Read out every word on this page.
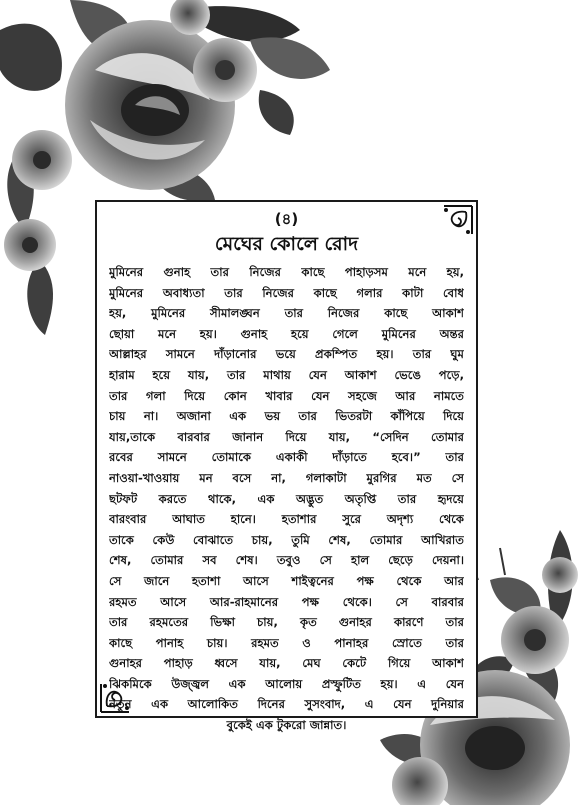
(৪)
মেঘের কোলে রোদ

মুমিনের গুনাহ তার নিজের কাছে পাহাড়সম মনে হয়,
মুমিনের অবাধ্যতা তার নিজের কাছে গলার কাটা বোধ
হয়, মুমিনের সীমালঙ্ঘন তার নিজের কাছে আকাশ
ছোয়া মনে হয়। গুনাহ হয়ে গেলে মুমিনের অন্তর
আল্লাহর সামনে দাঁড়ানোর ভয়ে প্রকম্পিত হয়। তার ঘুম
হারাম হয়ে যায়, তার মাথায় যেন আকাশ ভেঙে পড়ে,
তার গলা দিয়ে কোন খাবার যেন সহজে আর নামতে
চায় না। অজানা এক ভয় তার ভিতরটা কাঁপিয়ে দিয়ে
যায়,তাকে বারবার জানান দিয়ে যায়, “সেদিন তোমার
রবের সামনে তোমাকে একাকী দাঁড়াতে হবে।” তার
নাওয়া-খাওয়ায় মন বসে না, গলাকাটা মুরগির মত সে
ছটফট করতে থাকে, এক অদ্ভুত অতৃপ্তি তার হৃদয়ে
বারংবার আঘাত হানে। হতাশার সুরে অদৃশ্য থেকে
তাকে কেউ বোঝাতে চায়, তুমি শেষ, তোমার আখিরাত
শেষ, তোমার সব শেষ। তবুও সে হাল ছেড়ে দেয়না।
সে জানে হতাশা আসে শাইত্বনের পক্ষ থেকে আর
রহমত আসে আর-রাহমানের পক্ষ থেকে। সে বারবার
তার রহমতের ভিক্ষা চায়, কৃত গুনাহর কারণে তার
কাছে পানাহ চায়। রহমত ও পানাহর স্রোতে তার
গুনাহর পাহাড় ধ্বসে যায়, মেঘ কেটে গিয়ে আকাশ
ঝিকমিকে উজ্জ্বল এক আলোয় প্রস্ফুটিত হয়। এ যেন
নতুন এক আলোকিত দিনের সুসংবাদ, এ যেন দুনিয়ার
বুকেই এক টুকরো জান্নাত।
